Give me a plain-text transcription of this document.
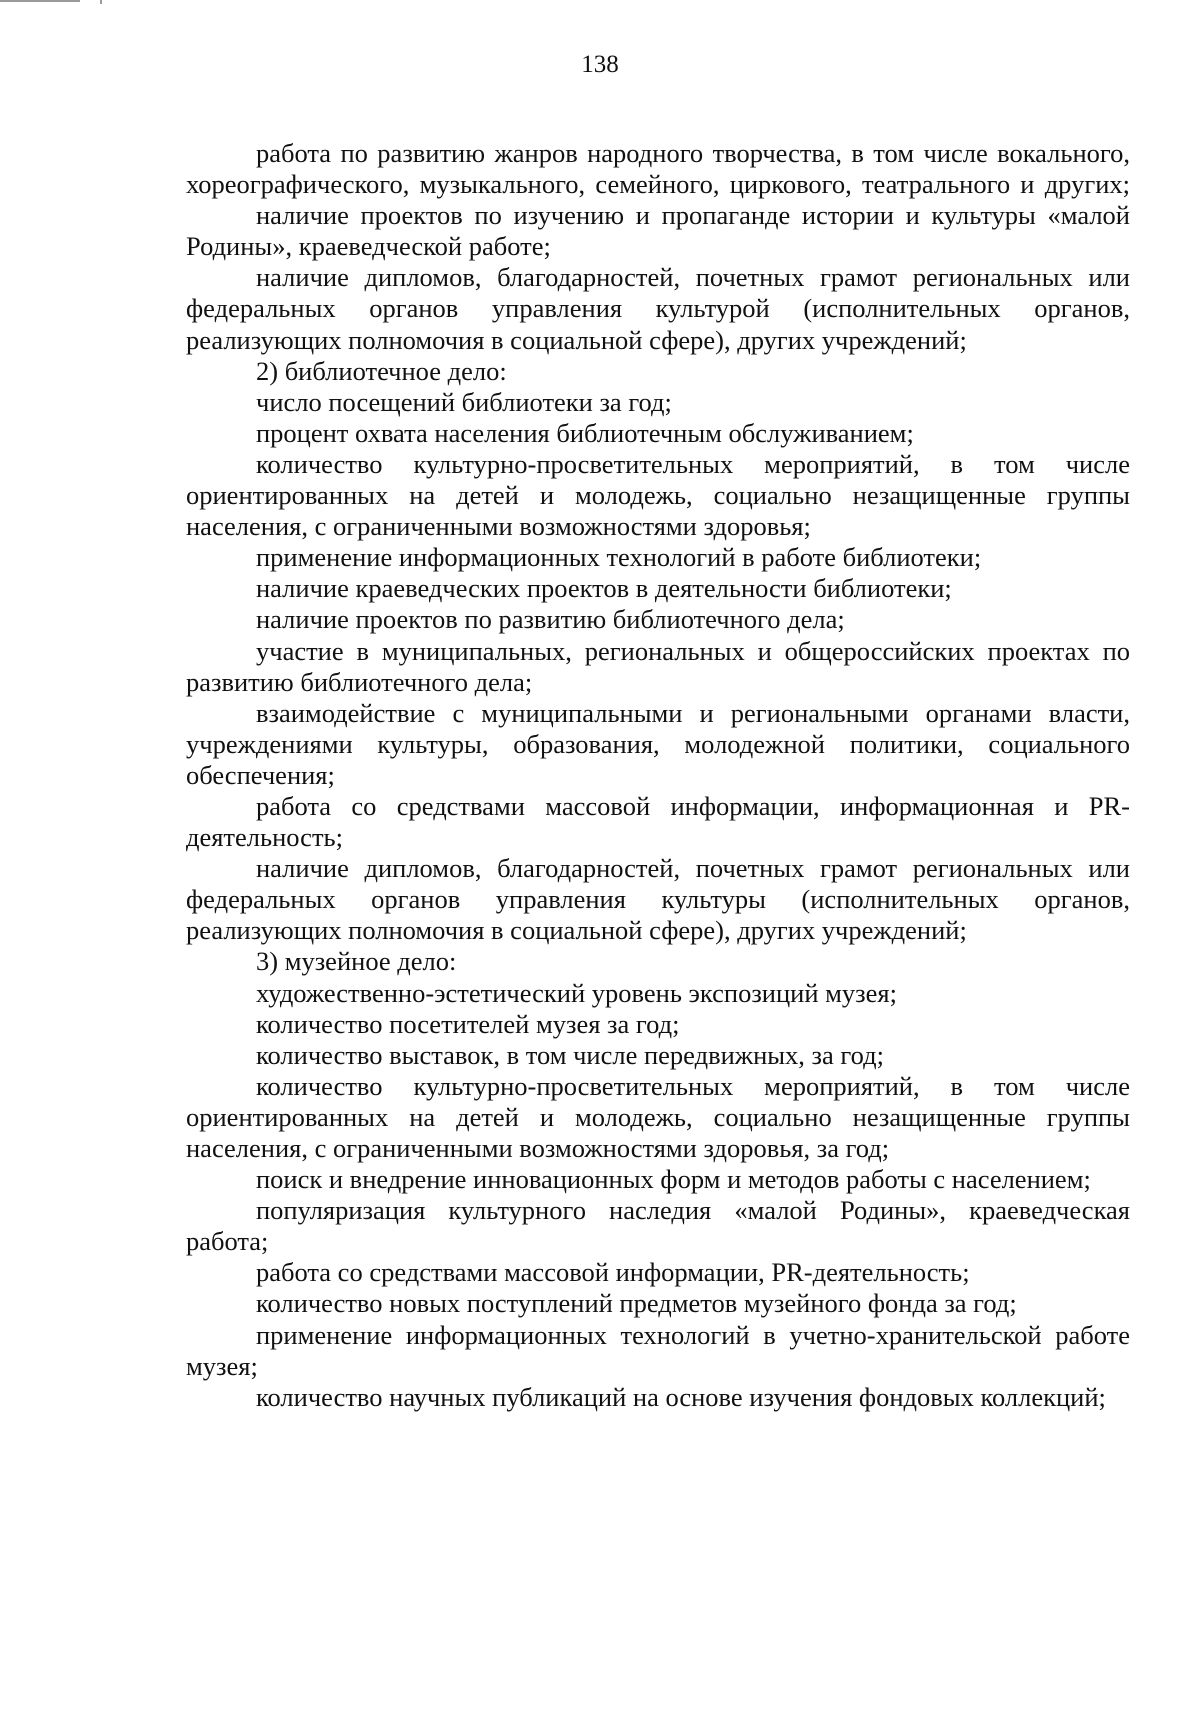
138

работа по развитию жанров народного творчества, в том числе вокального, хореографического, музыкального, семейного, циркового, театрального и других;

наличие проектов по изучению и пропаганде истории и культуры «малой Родины», краеведческой работе;

наличие дипломов, благодарностей, почетных грамот региональных или федеральных органов управления культурой (исполнительных органов, реализующих полномочия в социальной сфере), других учреждений;

2) библиотечное дело:

число посещений библиотеки за год;

процент охвата населения библиотечным обслуживанием;

количество культурно-просветительных мероприятий, в том числе ориентированных на детей и молодежь, социально незащищенные группы населения, с ограниченными возможностями здоровья;

применение информационных технологий в работе библиотеки;

наличие краеведческих проектов в деятельности библиотеки;

наличие проектов по развитию библиотечного дела;

участие в муниципальных, региональных и общероссийских проектах по развитию библиотечного дела;

взаимодействие с муниципальными и региональными органами власти, учреждениями культуры, образования, молодежной политики, социального обеспечения;

работа со средствами массовой информации, информационная и PR-деятельность;

наличие дипломов, благодарностей, почетных грамот региональных или федеральных органов управления культуры (исполнительных органов, реализующих полномочия в социальной сфере), других учреждений;

3) музейное дело:

художественно-эстетический уровень экспозиций музея;

количество посетителей музея за год;

количество выставок, в том числе передвижных, за год;

количество культурно-просветительных мероприятий, в том числе ориентированных на детей и молодежь, социально незащищенные группы населения, с ограниченными возможностями здоровья, за год;

поиск и внедрение инновационных форм и методов работы с населением;

популяризация культурного наследия «малой Родины», краеведческая работа;

работа со средствами массовой информации, PR-деятельность;

количество новых поступлений предметов музейного фонда за год;

применение информационных технологий в учетно-хранительской работе музея;

количество научных публикаций на основе изучения фондовых коллекций;
